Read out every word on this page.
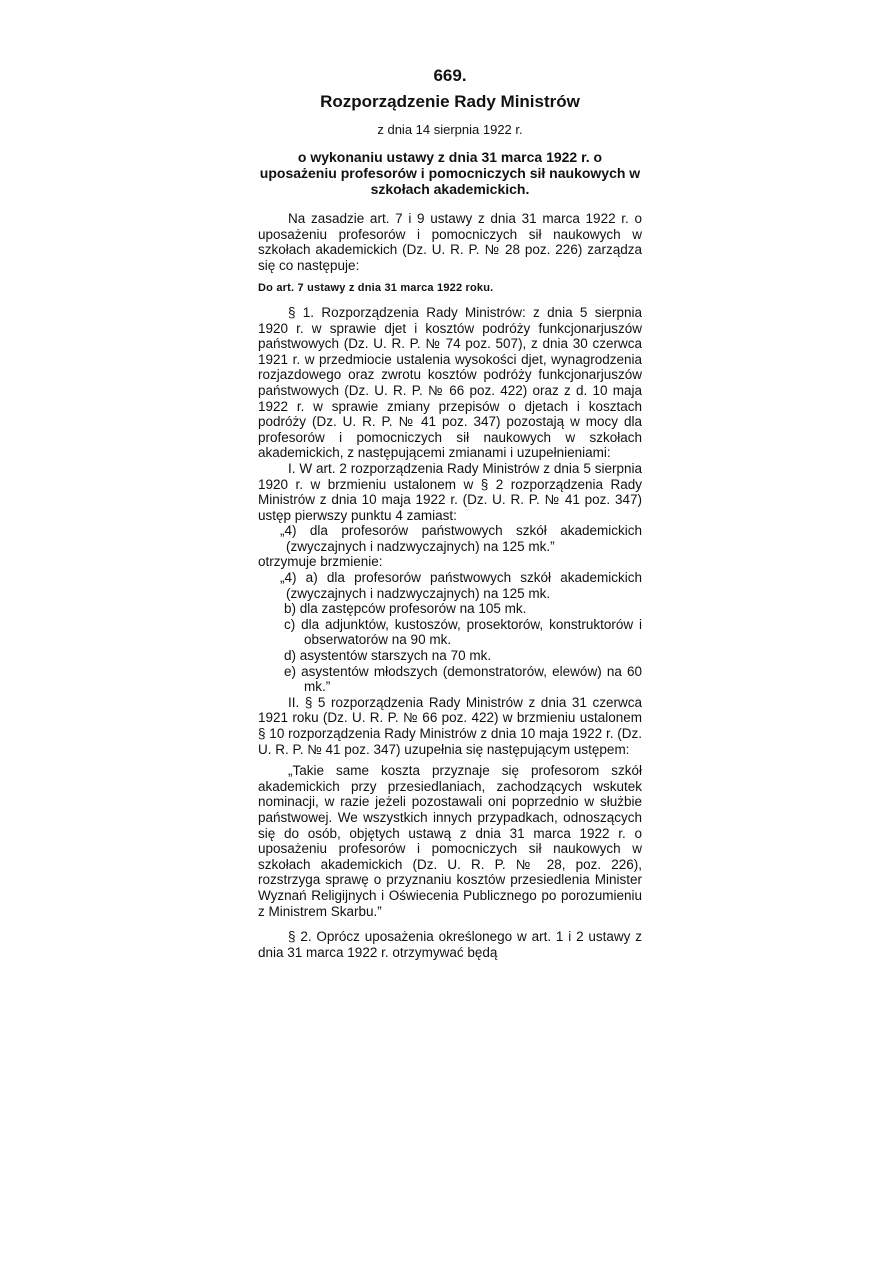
669.
Rozporządzenie Rady Ministrów
z dnia 14 sierpnia 1922 r.
o wykonaniu ustawy z dnia 31 marca 1922 r. o uposażeniu profesorów i pomocniczych sił naukowych w szkołach akademickich.

Na zasadzie art. 7 i 9 ustawy z dnia 31 marca 1922 r. o uposażeniu profesorów i pomocniczych sił naukowych w szkołach akademickich (Dz. U. R. P. № 28 poz. 226) zarządza się co następuje:

Do art. 7 ustawy z dnia 31 marca 1922 roku.

§ 1. Rozporządzenia Rady Ministrów: z dnia 5 sierpnia 1920 r. w sprawie djet i kosztów podróży funkcjonarjuszów państwowych (Dz. U. R. P. № 74 poz. 507), z dnia 30 czerwca 1921 r. w przedmiocie ustalenia wysokości djet, wynagrodzenia rozjazdowego oraz zwrotu kosztów podróży funkcjonarjuszów państwowych (Dz. U. R. P. № 66 poz. 422) oraz z d. 10 maja 1922 r. w sprawie zmiany przepisów o djetach i kosztach podróży (Dz. U. R. P. № 41 poz. 347) pozostają w mocy dla profesorów i pomocniczych sił naukowych w szkołach akademickich, z następującemi zmianami i uzupełnieniami:

I. W art. 2 rozporządzenia Rady Ministrów z dnia 5 sierpnia 1920 r. w brzmieniu ustalonem w § 2 rozporządzenia Rady Ministrów z dnia 10 maja 1922 r. (Dz. U. R. P. № 41 poz. 347) ustęp pierwszy punktu 4 zamiast:

„4) dla profesorów państwowych szkół akademickich (zwyczajnych i nadzwyczajnych) na 125 mk.”

otrzymuje brzmienie:

„4) a) dla profesorów państwowych szkół akademickich (zwyczajnych i nadzwyczajnych) na 125 mk.

b) dla zastępców profesorów na 105 mk.

c) dla adjunktów, kustoszów, prosektorów, konstruktorów i obserwatorów na 90 mk.

d) asystentów starszych na 70 mk.

e) asystentów młodszych (demonstratorów, elewów) na 60 mk.”

II. § 5 rozporządzenia Rady Ministrów z dnia 31 czerwca 1921 roku (Dz. U. R. P. № 66 poz. 422) w brzmieniu ustalonem § 10 rozporządzenia Rady Ministrów z dnia 10 maja 1922 r. (Dz. U. R. P. № 41 poz. 347) uzupełnia się następującym ustępem:

„Takie same koszta przyznaje się profesorom szkół akademickich przy przesiedlaniach, zachodzących wskutek nominacji, w razie jeżeli pozostawali oni poprzednio w służbie państwowej. We wszystkich innych przypadkach, odnoszących się do osób, objętych ustawą z dnia 31 marca 1922 r. o uposażeniu profesorów i pomocniczych sił naukowych w szkołach akademickich (Dz. U. R. P. № 28, poz. 226), rozstrzyga sprawę o przyznaniu kosztów przesiedlenia Minister Wyznań Religijnych i Oświecenia Publicznego po porozumieniu z Ministrem Skarbu.”

§ 2. Oprócz uposażenia określonego w art. 1 i 2 ustawy z dnia 31 marca 1922 r. otrzymywać będą
